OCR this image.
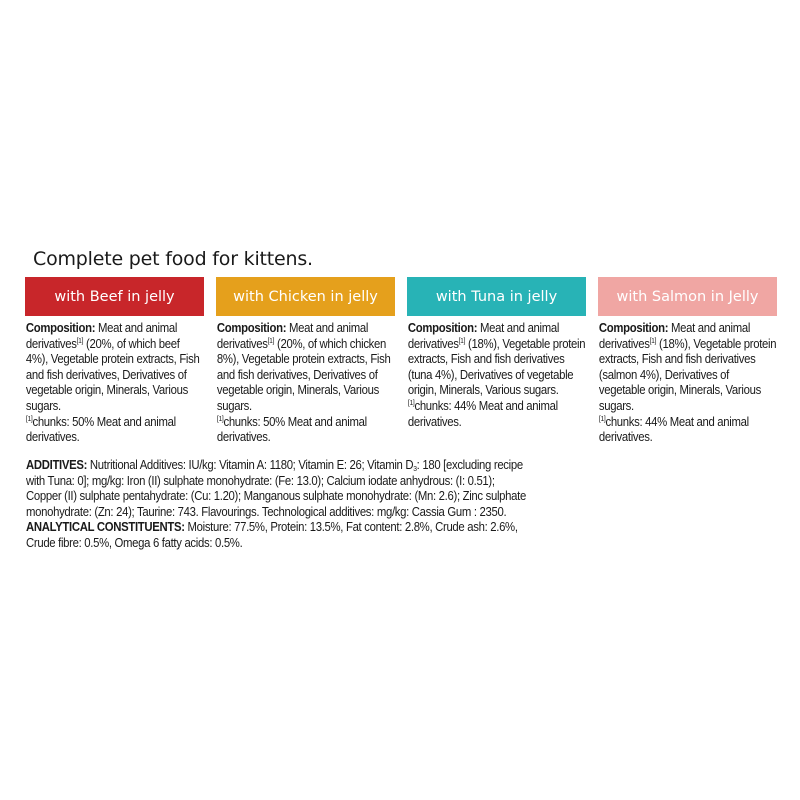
Complete pet food for kittens.
with Beef in jelly
Composition: Meat and animal derivatives[1] (20%, of which beef 4%), Vegetable protein extracts, Fish and fish derivatives, Derivatives of vegetable origin, Minerals, Various sugars.
[1]chunks: 50% Meat and animal derivatives.
with Chicken in jelly
Composition: Meat and animal derivatives[1] (20%, of which chicken 8%), Vegetable protein extracts, Fish and fish derivatives, Derivatives of vegetable origin, Minerals, Various sugars.
[1]chunks: 50% Meat and animal derivatives.
with Tuna in jelly
Composition: Meat and animal derivatives[1] (18%), Vegetable protein extracts, Fish and fish derivatives (tuna 4%), Derivatives of vegetable origin, Minerals, Various sugars.
[1]chunks: 44% Meat and animal derivatives.
with Salmon in Jelly
Composition: Meat and animal derivatives[1] (18%), Vegetable protein extracts, Fish and fish derivatives (salmon 4%), Derivatives of vegetable origin, Minerals, Various sugars.
[1]chunks: 44% Meat and animal derivatives.
ADDITIVES: Nutritional Additives: IU/kg: Vitamin A: 1180; Vitamin E: 26; Vitamin $D_3$: 180 [excluding recipe with Tuna: 0]; mg/kg: Iron (II) sulphate monohydrate: (Fe: 13.0); Calcium iodate anhydrous: (I: 0.51); Copper (II) sulphate pentahydrate: (Cu: 1.20); Manganous sulphate monohydrate: (Mn: 2.6); Zinc sulphate monohydrate: (Zn: 24); Taurine: 743. Flavourings. Technological additives: mg/kg: Cassia Gum : 2350.
ANALYTICAL CONSTITUENTS: Moisture: 77.5%, Protein: 13.5%, Fat content: 2.8%, Crude ash: 2.6%, Crude fibre: 0.5%, Omega 6 fatty acids: 0.5%.
